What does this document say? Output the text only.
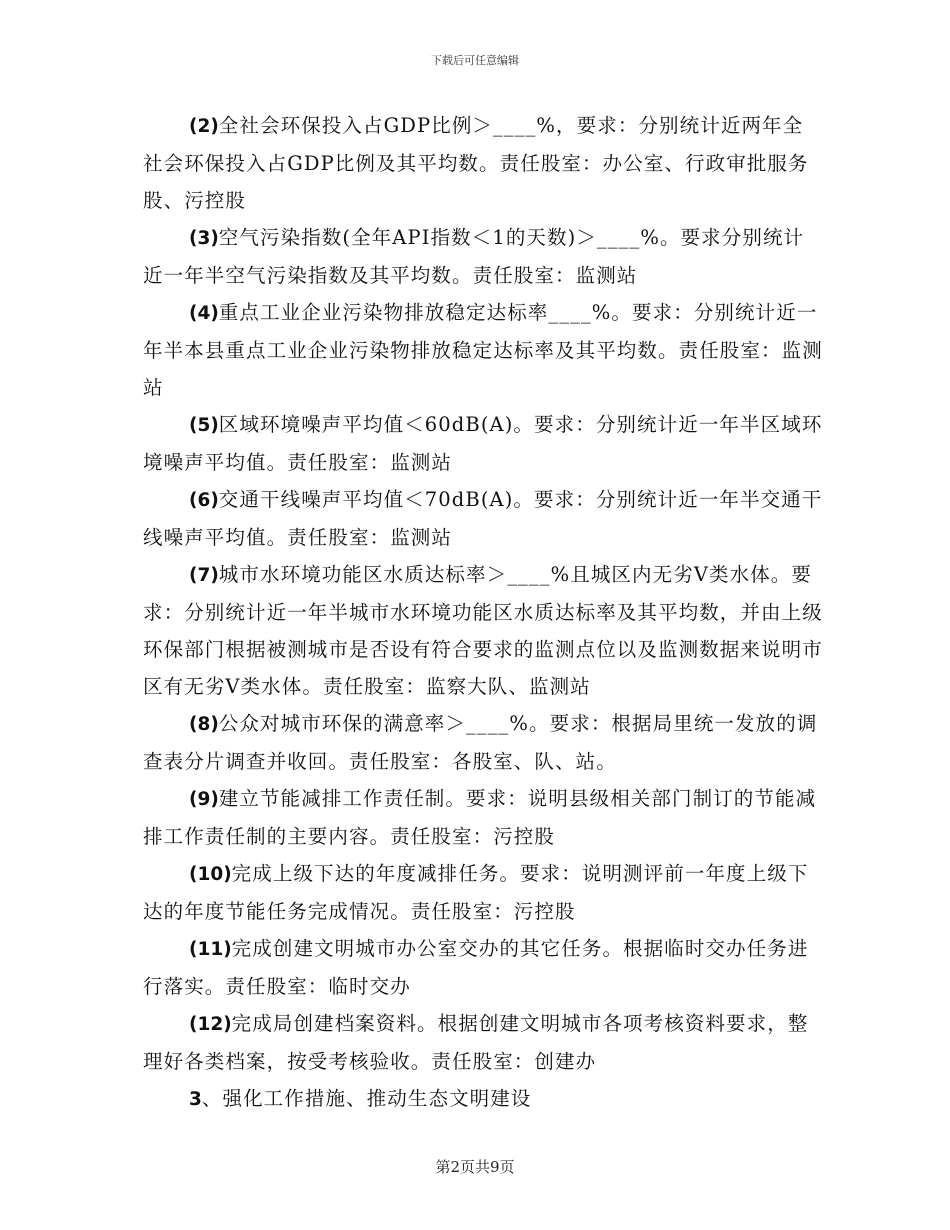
下载后可任意编辑

(2)全社会环保投入占GDP比例＞____%，要求：分别统计近两年全社会环保投入占GDP比例及其平均数。责任股室：办公室、行政审批服务股、污控股

(3)空气污染指数(全年API指数＜1的天数)＞____%。要求分别统计近一年半空气污染指数及其平均数。责任股室：监测站

(4)重点工业企业污染物排放稳定达标率____%。要求：分别统计近一年半本县重点工业企业污染物排放稳定达标率及其平均数。责任股室：监测站

(5)区域环境噪声平均值＜60dB(A)。要求：分别统计近一年半区域环境噪声平均值。责任股室：监测站

(6)交通干线噪声平均值＜70dB(A)。要求：分别统计近一年半交通干线噪声平均值。责任股室：监测站

(7)城市水环境功能区水质达标率＞____%且城区内无劣Ⅴ类水体。要求：分别统计近一年半城市水环境功能区水质达标率及其平均数，并由上级环保部门根据被测城市是否设有符合要求的监测点位以及监测数据来说明市区有无劣Ⅴ类水体。责任股室：监察大队、监测站

(8)公众对城市环保的满意率＞____%。要求：根据局里统一发放的调查表分片调查并收回。责任股室：各股室、队、站。

(9)建立节能减排工作责任制。要求：说明县级相关部门制订的节能减排工作责任制的主要内容。责任股室：污控股

(10)完成上级下达的年度减排任务。要求：说明测评前一年度上级下达的年度节能任务完成情况。责任股室：污控股

(11)完成创建文明城市办公室交办的其它任务。根据临时交办任务进行落实。责任股室：临时交办

(12)完成局创建档案资料。根据创建文明城市各项考核资料要求，整理好各类档案，按受考核验收。责任股室：创建办

3、强化工作措施、推动生态文明建设

第2页共9页
